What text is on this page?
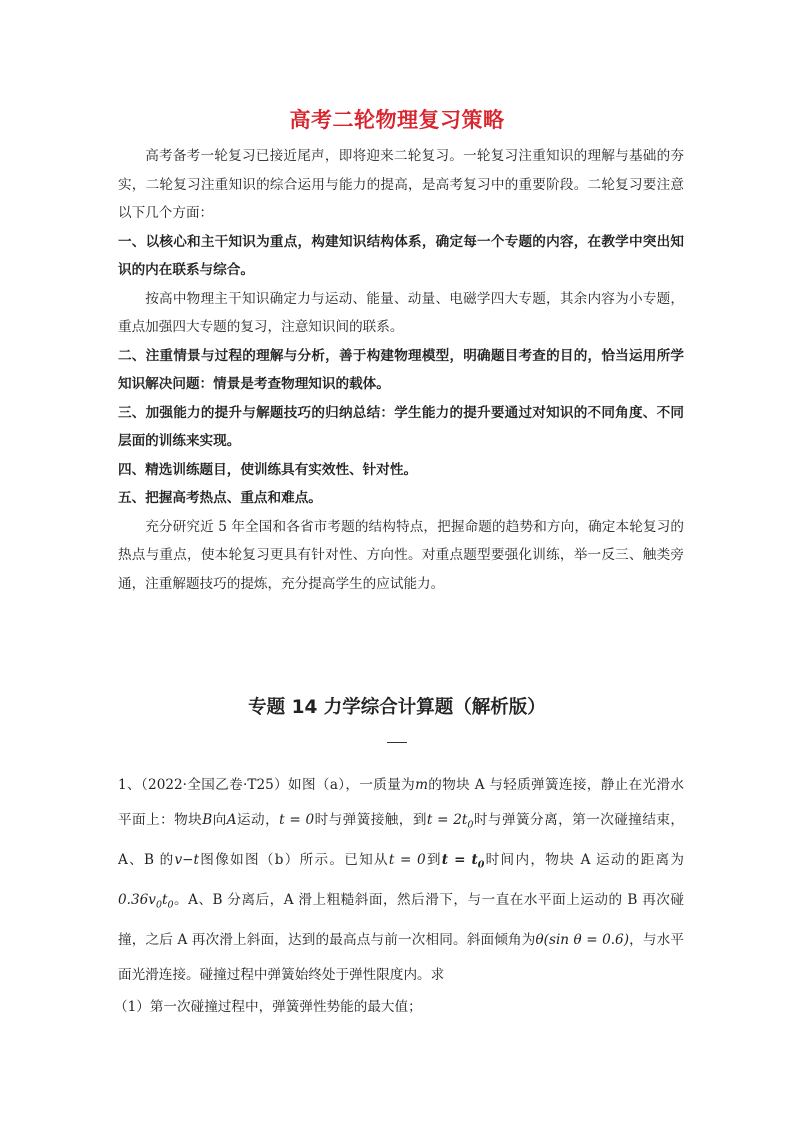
高考二轮物理复习策略

高考备考一轮复习已接近尾声，即将迎来二轮复习。一轮复习注重知识的理解与基础的夯实，二轮复习注重知识的综合运用与能力的提高，是高考复习中的重要阶段。二轮复习要注意以下几个方面：

一、以核心和主干知识为重点，构建知识结构体系，确定每一个专题的内容，在教学中突出知识的内在联系与综合。

按高中物理主干知识确定力与运动、能量、动量、电磁学四大专题，其余内容为小专题，重点加强四大专题的复习，注意知识间的联系。

二、注重情景与过程的理解与分析，善于构建物理模型，明确题目考查的目的，恰当运用所学知识解决问题：情景是考查物理知识的载体。

三、加强能力的提升与解题技巧的归纳总结：学生能力的提升要通过对知识的不同角度、不同层面的训练来实现。

四、精选训练题目，使训练具有实效性、针对性。

五、把握高考热点、重点和难点。

充分研究近 5 年全国和各省市考题的结构特点，把握命题的趋势和方向，确定本轮复习的热点与重点，使本轮复习更具有针对性、方向性。对重点题型要强化训练，举一反三、触类旁通，注重解题技巧的提炼，充分提高学生的应试能力。

专题 14 力学综合计算题（解析版）

1、（2022·全国乙卷·T25）如图（a），一质量为m的物块 A 与轻质弹簧连接，静止在光滑水平面上：物块B向A运动，t = 0时与弹簧接触，到$t = 2t_0$时与弹簧分离，第一次碰撞结束，A、B 的v−t图像如图（b）所示。已知从t = 0到$t = t_0$时间内，物块 A 运动的距离为$0.36v_0t_0$。A、B 分离后，A 滑上粗糙斜面，然后滑下，与一直在水平面上运动的 B 再次碰撞，之后 A 再次滑上斜面，达到的最高点与前一次相同。斜面倾角为θ(sin θ = 0.6)，与水平面光滑连接。碰撞过程中弹簧始终处于弹性限度内。求

（1）第一次碰撞过程中，弹簧弹性势能的最大值；
